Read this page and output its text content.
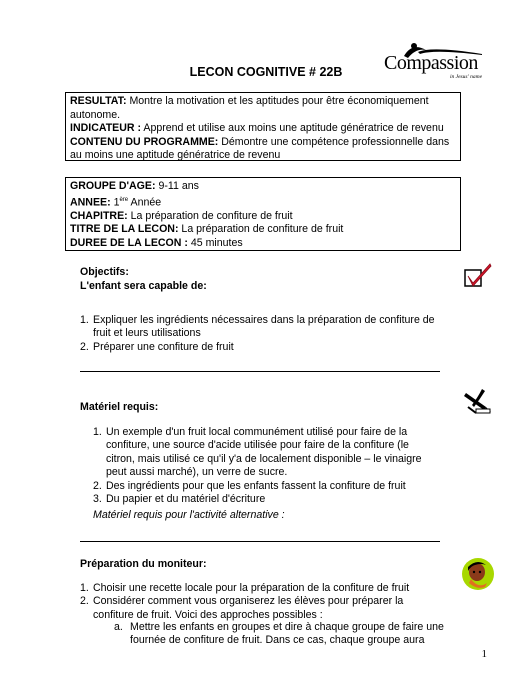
Compassion
in Jesus' name
LECON COGNITIVE # 22B

RESULTAT: Montre la motivation et les aptitudes pour être économiquement autonome.

INDICATEUR : Apprend et utilise aux moins une aptitude génératrice de revenu

CONTENU DU PROGRAMME: Démontre une compétence professionnelle dans au moins une aptitude génératrice de revenu

GROUPE D'AGE: 9-11 ans

ANNEE: 1ère Année

CHAPITRE: La préparation de confiture de fruit

TITRE DE LA LECON: La préparation de confiture de fruit

DUREE DE LA LECON : 45 minutes

Objectifs:
L'enfant sera capable de:
1. Expliquer les ingrédients nécessaires dans la préparation de confiture de fruit et leurs utilisations
2. Préparer une confiture de fruit
Matériel requis:
1. Un exemple d'un fruit local communément utilisé pour faire de la confiture, une source d'acide utilisée pour faire de la confiture (le citron, mais utilisé ce qu'il y'a de localement disponible – le vinaigre peut aussi marché), un verre de sucre.
2. Des ingrédients pour que les enfants fassent la confiture de fruit
3. Du papier et du matériel d'écriture
Matériel requis pour l'activité alternative :
Préparation du moniteur:
1. Choisir une recette locale pour la préparation de la confiture de fruit
2. Considérer comment vous organiserez les élèves pour préparer la confiture de fruit. Voici des approches possibles :
a. Mettre les enfants en groupes et dire à chaque groupe de faire une fournée de confiture de fruit. Dans ce cas, chaque groupe aura
1
